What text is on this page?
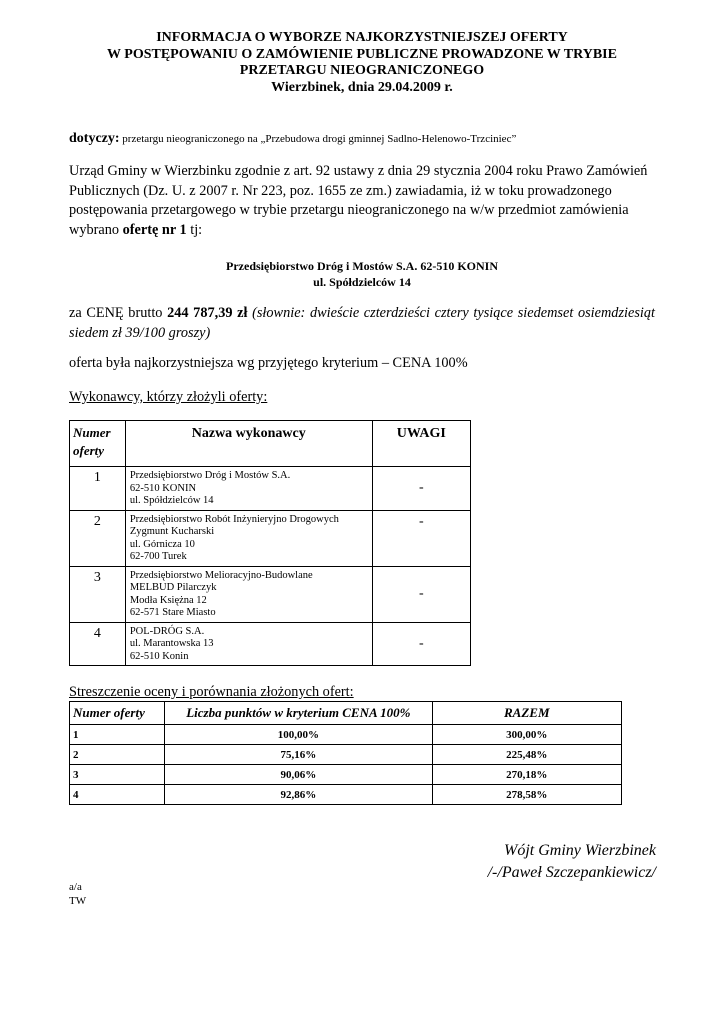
INFORMACJA O WYBORZE NAJKORZYSTNIEJSZEJ OFERTY
W POSTĘPOWANIU O ZAMÓWIENIE PUBLICZNE PROWADZONE W TRYBIE
PRZETARGU NIEOGRANICZONEGO
Wierzbinek, dnia 29.04.2009 r.
dotyczy: przetargu nieograniczonego na „Przebudowa drogi gminnej Sadlno-Helenowo-Trzciniec”
Urząd Gminy w Wierzbinku zgodnie z art. 92 ustawy z dnia 29 stycznia 2004 roku Prawo Zamówień Publicznych (Dz. U. z 2007 r. Nr 223, poz. 1655 ze zm.) zawiadamia, iż w toku prowadzonego postępowania przetargowego w trybie przetargu nieograniczonego na w/w przedmiot zamówienia wybrano ofertę nr 1 tj:
Przedsiębiorstwo Dróg i Mostów S.A. 62-510 KONIN
ul. Spółdzielców 14
za CENĘ brutto 244 787,39 zł (słownie: dwieście czterdzieści cztery tysiące siedemset osiemdziesiąt siedem zł 39/100 groszy)
oferta była najkorzystniejsza wg przyjętego kryterium – CENA 100%
Wykonawcy, którzy złożyli oferty:
Numer
oferty	Nazwa wykonawcy	UWAGI
1	Przedsiębiorstwo Dróg i Mostów S.A.
62-510 KONIN
ul. Spółdzielców 14	-
2	Przedsiębiorstwo Robót Inżynieryjno Drogowych
Zygmunt Kucharski
ul. Górnicza 10
62-700 Turek	-
3	Przedsiębiorstwo Melioracyjno-Budowlane
MELBUD Pilarczyk
Modła Księżna 12
62-571 Stare Miasto	-
4	POL-DRÓG S.A.
ul. Marantowska 13
62-510 Konin	-
Streszczenie oceny i porównania złożonych ofert:
Numer oferty	Liczba punktów w kryterium CENA 100%	RAZEM
1	100,00%	300,00%
2	75,16%	225,48%
3	90,06%	270,18%
4	92,86%	278,58%
Wójt Gminy Wierzbinek
/-/Paweł Szczepankiewicz/
a/a
TW
